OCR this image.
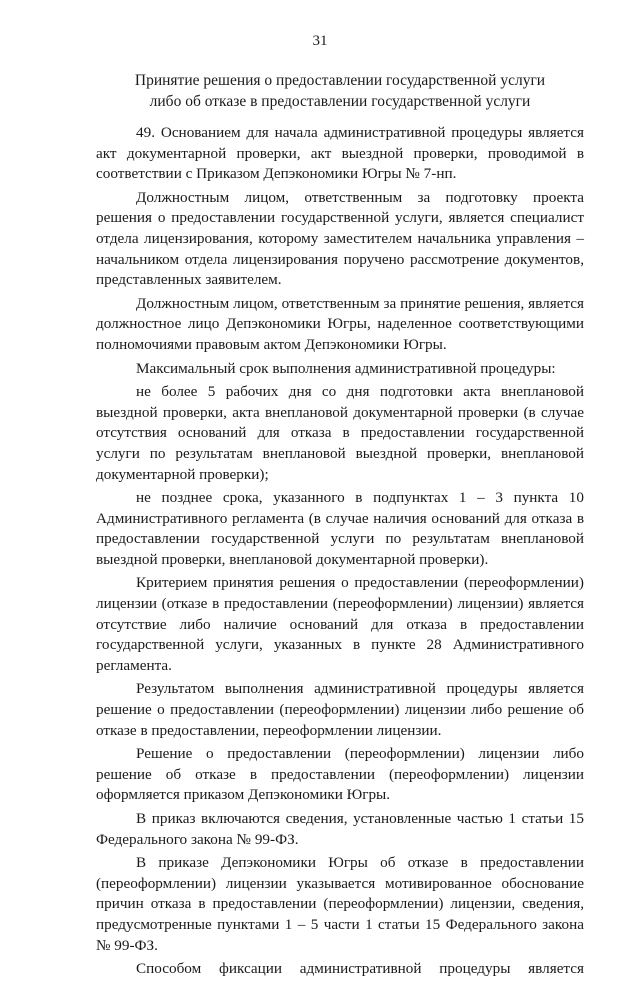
31
Принятие решения о предоставлении государственной услуги
либо об отказе в предоставлении государственной услуги

49. Основанием для начала административной процедуры является акт документарной проверки, акт выездной проверки, проводимой в соответствии с Приказом Депэкономики Югры № 7-нп.

Должностным лицом, ответственным за подготовку проекта решения о предоставлении государственной услуги, является специалист отдела лицензирования, которому заместителем начальника управления – начальником отдела лицензирования поручено рассмотрение документов, представленных заявителем.

Должностным лицом, ответственным за принятие решения, является должностное лицо Депэкономики Югры, наделенное соответствующими полномочиями правовым актом Депэкономики Югры.

Максимальный срок выполнения административной процедуры:

не более 5 рабочих дня со дня подготовки акта внеплановой выездной проверки, акта внеплановой документарной проверки (в случае отсутствия оснований для отказа в предоставлении государственной услуги по результатам внеплановой выездной проверки, внеплановой документарной проверки);

не позднее срока, указанного в подпунктах 1 – 3 пункта 10 Административного регламента (в случае наличия оснований для отказа в предоставлении государственной услуги по результатам внеплановой выездной проверки, внеплановой документарной проверки).

Критерием принятия решения о предоставлении (переоформлении) лицензии (отказе в предоставлении (переоформлении) лицензии) является отсутствие либо наличие оснований для отказа в предоставлении государственной услуги, указанных в пункте 28 Административного регламента.

Результатом выполнения административной процедуры является решение о предоставлении (переоформлении) лицензии либо решение об отказе в предоставлении, переоформлении лицензии.

Решение о предоставлении (переоформлении) лицензии либо решение об отказе в предоставлении (переоформлении) лицензии оформляется приказом Депэкономики Югры.

В приказ включаются сведения, установленные частью 1 статьи 15 Федерального закона № 99-ФЗ.

В приказе Депэкономики Югры об отказе в предоставлении (переоформлении) лицензии указывается мотивированное обоснование причин отказа в предоставлении (переоформлении) лицензии, сведения, предусмотренные пунктами 1 – 5 части 1 статьи 15 Федерального закона № 99-ФЗ.

Способом фиксации административной процедуры является
